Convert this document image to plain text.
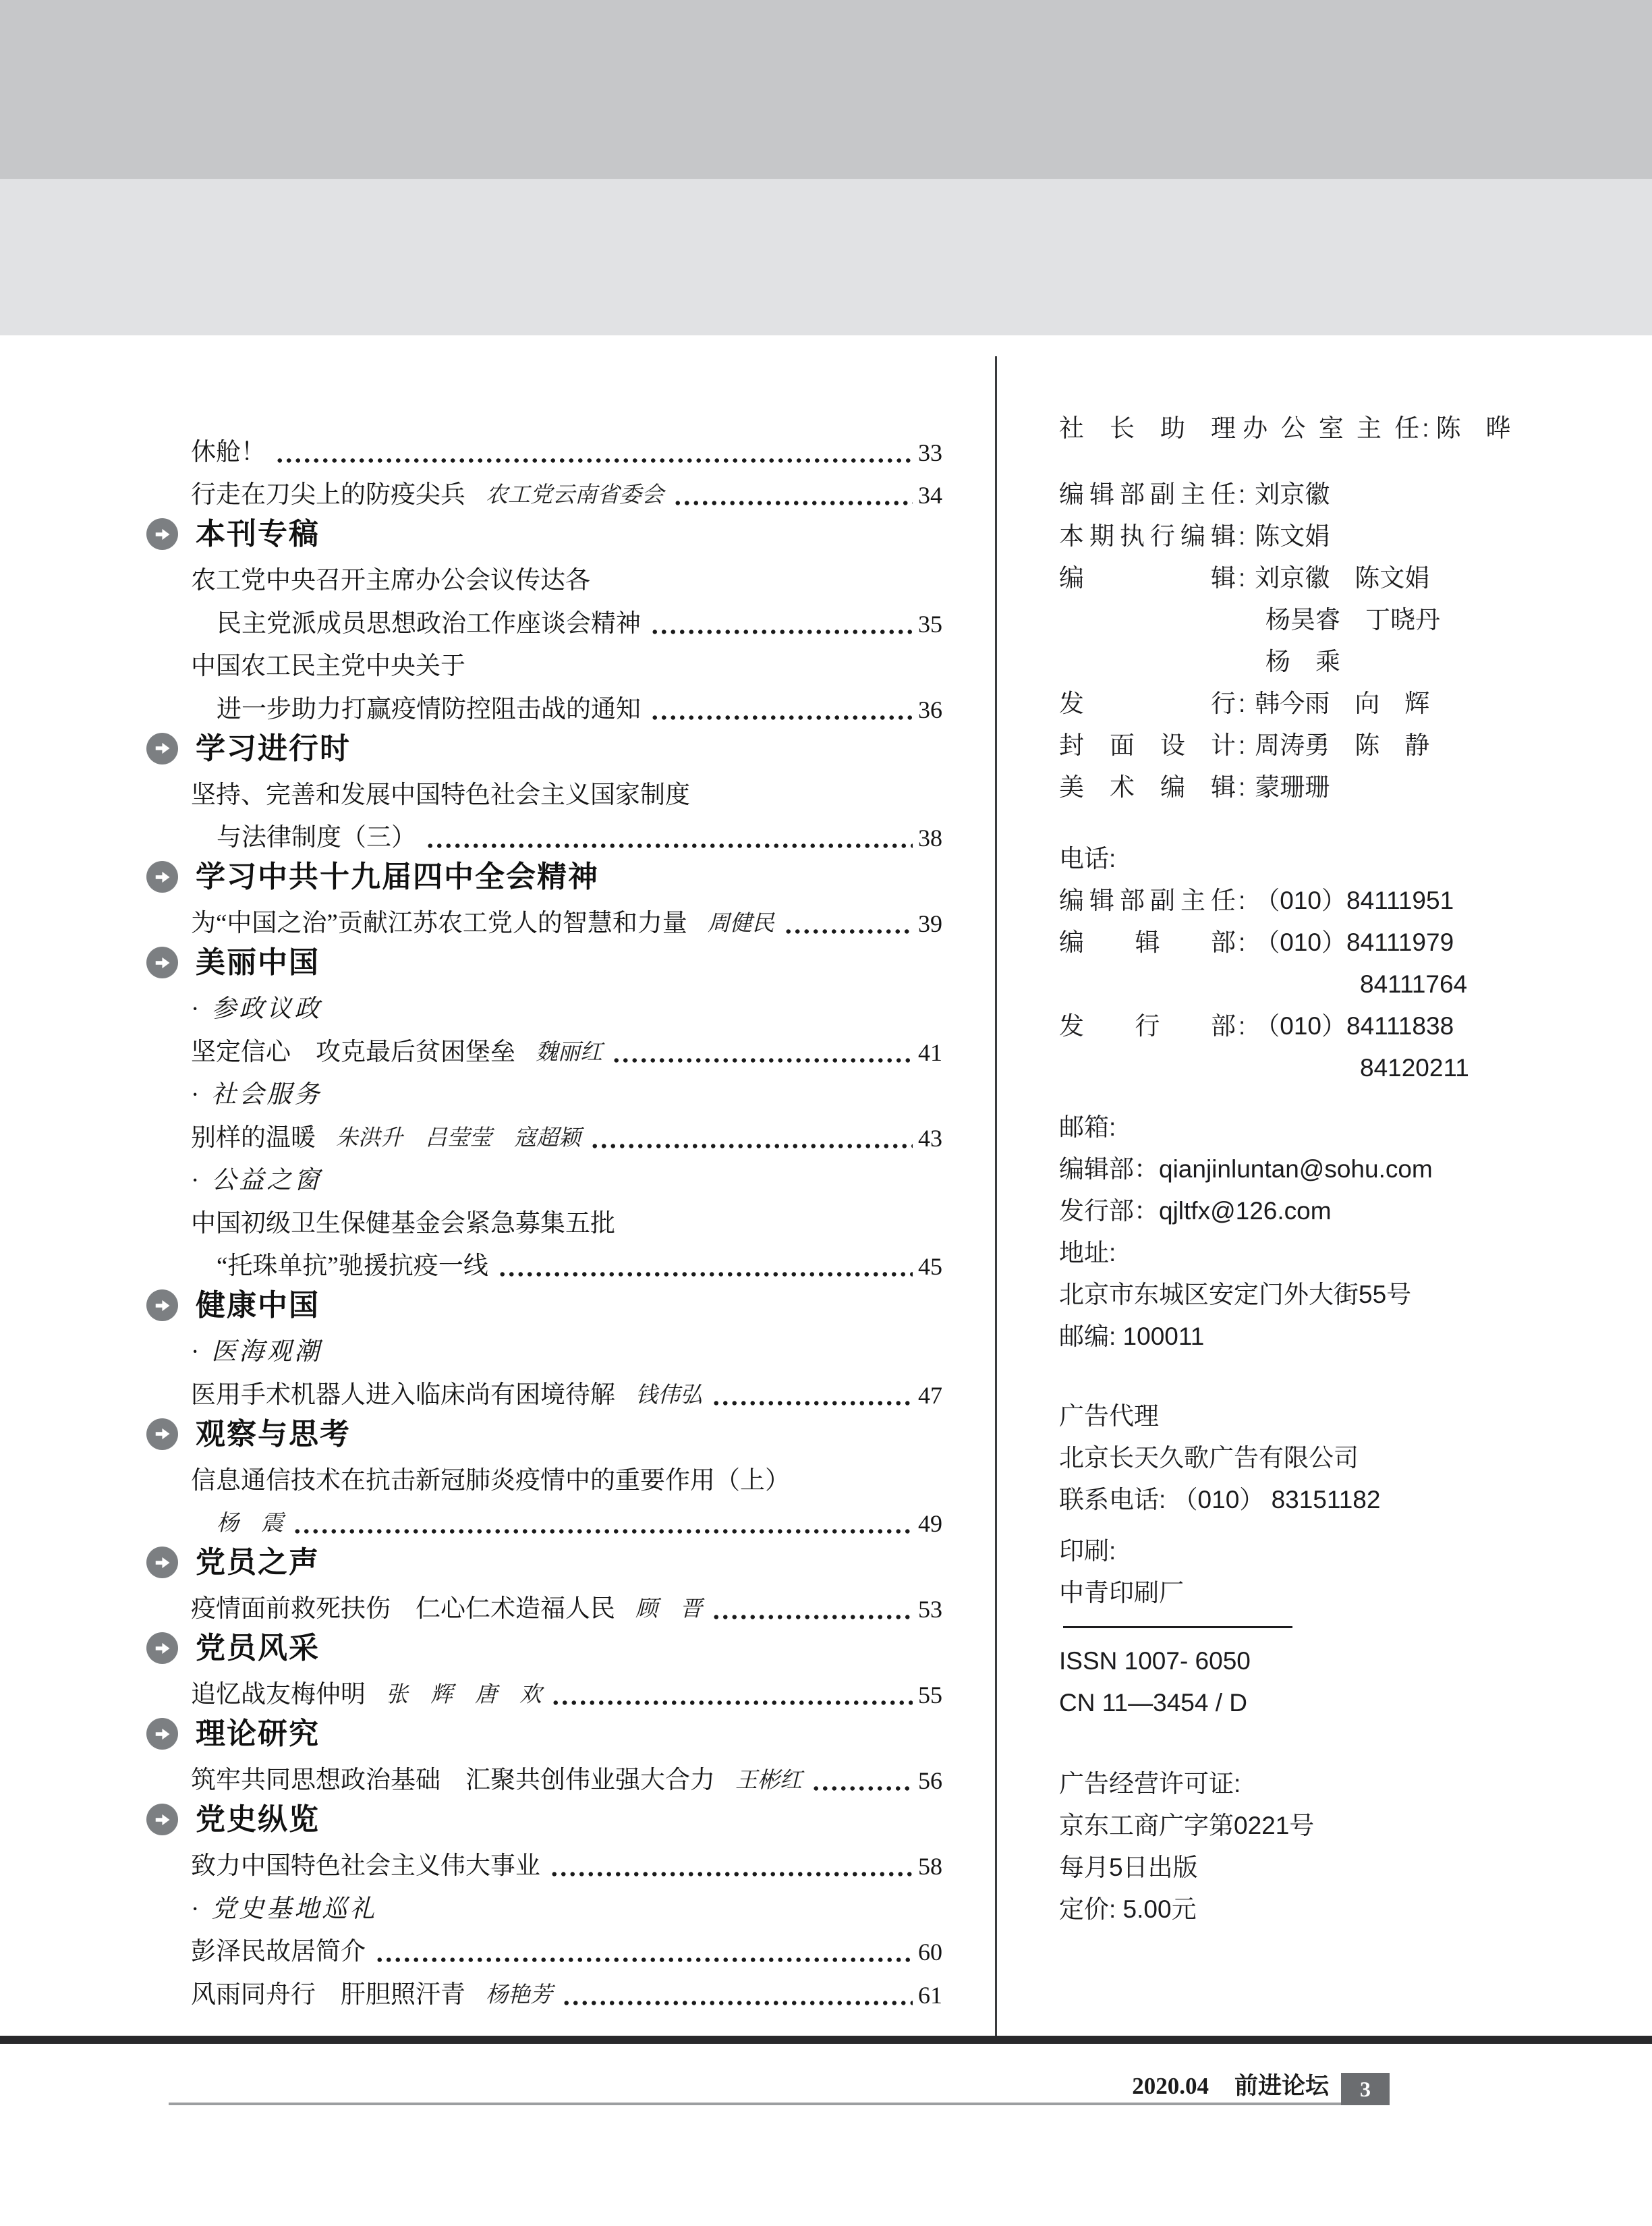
休舱！	33
行走在刀尖上的防疫尖兵 农工党云南省委会	34
本刊专稿
农工党中央召开主席办公会议传达各
民主党派成员思想政治工作座谈会精神	35
中国农工民主党中央关于
进一步助力打赢疫情防控阻击战的通知	36
学习进行时
坚持、完善和发展中国特色社会主义国家制度
与法律制度（三）	38
学习中共十九届四中全会精神
为“中国之治”贡献江苏农工党人的智慧和力量 周健民	39
美丽中国
· 参政议政
坚定信心　攻克最后贫困堡垒 魏丽红	41
· 社会服务
别样的温暖 朱洪升　吕莹莹　寇超颖	43
· 公益之窗
中国初级卫生保健基金会紧急募集五批
“托珠单抗”驰援抗疫一线	45
健康中国
· 医海观潮
医用手术机器人进入临床尚有困境待解 钱伟弘	47
观察与思考
信息通信技术在抗击新冠肺炎疫情中的重要作用（上）
杨　震	49
党员之声
疫情面前救死扶伤　仁心仁术造福人民 顾　晋	53
党员风采
追忆战友梅仲明 张　辉　唐　欢	55
理论研究
筑牢共同思想政治基础　汇聚共创伟业强大合力 王彬红	56
党史纵览
致力中国特色社会主义伟大事业	58
· 党史基地巡礼
彭泽民故居简介	60
风雨同舟行　肝胆照汗青 杨艳芳	61
社长助理 办公室主任 : 陈　晔
编辑部副主任 : 刘京徽
本期执行编辑 : 陈文娟
编辑 : 刘京徽　陈文娟
杨昊睿　丁晓丹
杨　乘
发行 : 韩今雨　向　辉
封面设计 : 周涛勇　陈　静
美术编辑 : 蒙珊珊
电话:
编辑部副主任 : （010）84111951
编辑部 : （010）84111979
84111764
发行部 : （010）84111838
84120211
邮箱:
编辑部：qianjinluntan@sohu.com
发行部：qjltfx@126.com
地址:
北京市东城区安定门外大街55号
邮编: 100011
广告代理
北京长天久歌广告有限公司
联系电话: （010） 83151182
印刷:
中青印刷厂
ISSN 1007- 6050
CN 11—3454 / D
广告经营许可证:
京东工商广字第0221号
每月5日出版
定价: 5.00元
2020.04 前进论坛 3
